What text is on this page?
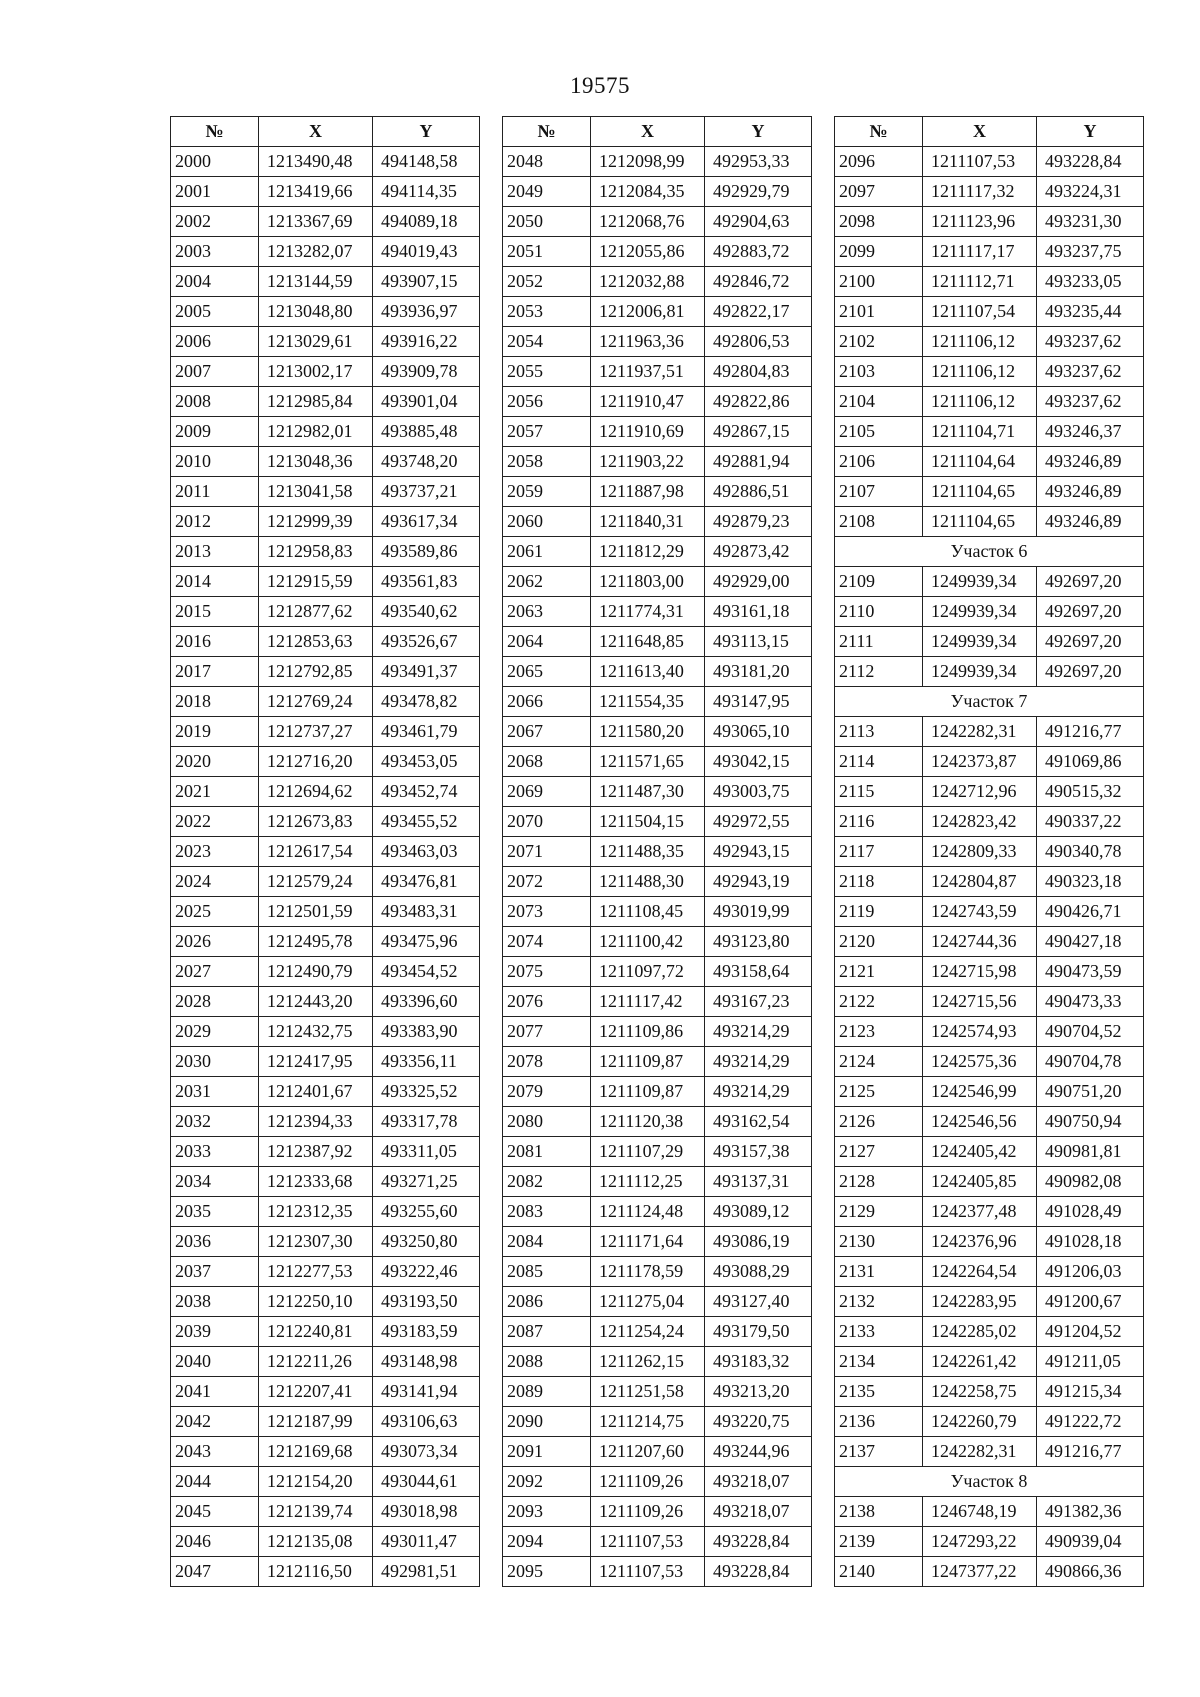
19575
№	X	Y
2000	1213490,48	494148,58
2001	1213419,66	494114,35
2002	1213367,69	494089,18
2003	1213282,07	494019,43
2004	1213144,59	493907,15
2005	1213048,80	493936,97
2006	1213029,61	493916,22
2007	1213002,17	493909,78
2008	1212985,84	493901,04
2009	1212982,01	493885,48
2010	1213048,36	493748,20
2011	1213041,58	493737,21
2012	1212999,39	493617,34
2013	1212958,83	493589,86
2014	1212915,59	493561,83
2015	1212877,62	493540,62
2016	1212853,63	493526,67
2017	1212792,85	493491,37
2018	1212769,24	493478,82
2019	1212737,27	493461,79
2020	1212716,20	493453,05
2021	1212694,62	493452,74
2022	1212673,83	493455,52
2023	1212617,54	493463,03
2024	1212579,24	493476,81
2025	1212501,59	493483,31
2026	1212495,78	493475,96
2027	1212490,79	493454,52
2028	1212443,20	493396,60
2029	1212432,75	493383,90
2030	1212417,95	493356,11
2031	1212401,67	493325,52
2032	1212394,33	493317,78
2033	1212387,92	493311,05
2034	1212333,68	493271,25
2035	1212312,35	493255,60
2036	1212307,30	493250,80
2037	1212277,53	493222,46
2038	1212250,10	493193,50
2039	1212240,81	493183,59
2040	1212211,26	493148,98
2041	1212207,41	493141,94
2042	1212187,99	493106,63
2043	1212169,68	493073,34
2044	1212154,20	493044,61
2045	1212139,74	493018,98
2046	1212135,08	493011,47
2047	1212116,50	492981,51
№	X	Y
2048	1212098,99	492953,33
2049	1212084,35	492929,79
2050	1212068,76	492904,63
2051	1212055,86	492883,72
2052	1212032,88	492846,72
2053	1212006,81	492822,17
2054	1211963,36	492806,53
2055	1211937,51	492804,83
2056	1211910,47	492822,86
2057	1211910,69	492867,15
2058	1211903,22	492881,94
2059	1211887,98	492886,51
2060	1211840,31	492879,23
2061	1211812,29	492873,42
2062	1211803,00	492929,00
2063	1211774,31	493161,18
2064	1211648,85	493113,15
2065	1211613,40	493181,20
2066	1211554,35	493147,95
2067	1211580,20	493065,10
2068	1211571,65	493042,15
2069	1211487,30	493003,75
2070	1211504,15	492972,55
2071	1211488,35	492943,15
2072	1211488,30	492943,19
2073	1211108,45	493019,99
2074	1211100,42	493123,80
2075	1211097,72	493158,64
2076	1211117,42	493167,23
2077	1211109,86	493214,29
2078	1211109,87	493214,29
2079	1211109,87	493214,29
2080	1211120,38	493162,54
2081	1211107,29	493157,38
2082	1211112,25	493137,31
2083	1211124,48	493089,12
2084	1211171,64	493086,19
2085	1211178,59	493088,29
2086	1211275,04	493127,40
2087	1211254,24	493179,50
2088	1211262,15	493183,32
2089	1211251,58	493213,20
2090	1211214,75	493220,75
2091	1211207,60	493244,96
2092	1211109,26	493218,07
2093	1211109,26	493218,07
2094	1211107,53	493228,84
2095	1211107,53	493228,84
№	X	Y
2096	1211107,53	493228,84
2097	1211117,32	493224,31
2098	1211123,96	493231,30
2099	1211117,17	493237,75
2100	1211112,71	493233,05
2101	1211107,54	493235,44
2102	1211106,12	493237,62
2103	1211106,12	493237,62
2104	1211106,12	493237,62
2105	1211104,71	493246,37
2106	1211104,64	493246,89
2107	1211104,65	493246,89
2108	1211104,65	493246,89
Участок 6		
2109	1249939,34	492697,20
2110	1249939,34	492697,20
2111	1249939,34	492697,20
2112	1249939,34	492697,20
Участок 7		
2113	1242282,31	491216,77
2114	1242373,87	491069,86
2115	1242712,96	490515,32
2116	1242823,42	490337,22
2117	1242809,33	490340,78
2118	1242804,87	490323,18
2119	1242743,59	490426,71
2120	1242744,36	490427,18
2121	1242715,98	490473,59
2122	1242715,56	490473,33
2123	1242574,93	490704,52
2124	1242575,36	490704,78
2125	1242546,99	490751,20
2126	1242546,56	490750,94
2127	1242405,42	490981,81
2128	1242405,85	490982,08
2129	1242377,48	491028,49
2130	1242376,96	491028,18
2131	1242264,54	491206,03
2132	1242283,95	491200,67
2133	1242285,02	491204,52
2134	1242261,42	491211,05
2135	1242258,75	491215,34
2136	1242260,79	491222,72
2137	1242282,31	491216,77
Участок 8		
2138	1246748,19	491382,36
2139	1247293,22	490939,04
2140	1247377,22	490866,36
